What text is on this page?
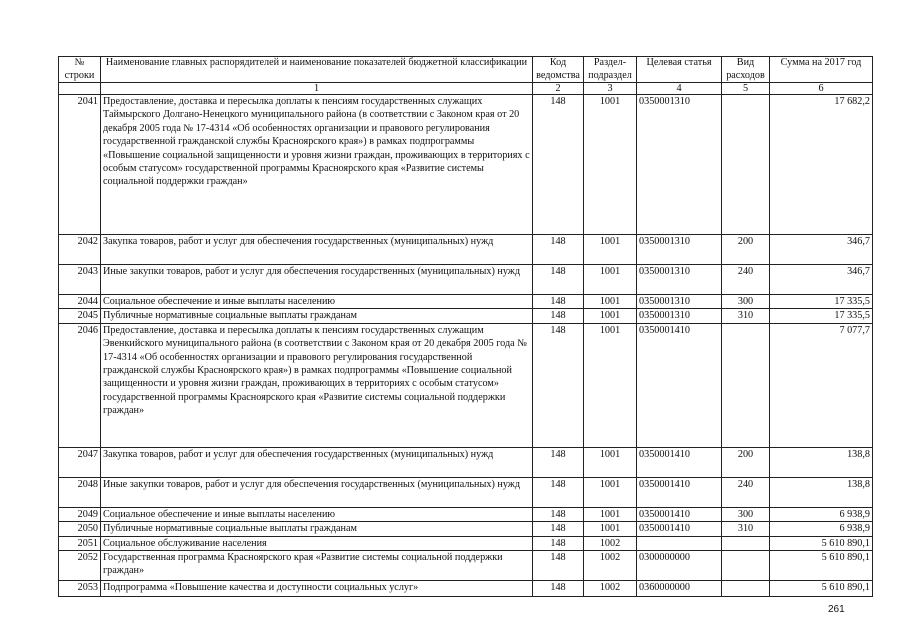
№ строки	Наименование главных распорядителей и наименование показателей бюджетной классификации	Код ведомства	Раздел-подраздел	Целевая статья	Вид расходов	Сумма на 2017 год
	1	2	3	4	5	6
2041	Предоставление, доставка и пересылка доплаты к пенсиям государственных служащих Таймырского Долгано-Ненецкого муниципального района (в соответствии с Законом края от 20 декабря 2005 года № 17-4314 «Об особенностях организации и правового регулирования государственной гражданской службы Красноярского края») в рамках подпрограммы «Повышение социальной защищенности и уровня жизни граждан, проживающих в территориях с особым статусом» государственной программы Красноярского края «Развитие системы социальной поддержки граждан»	148	1001	0350001310		17 682,2
2042	Закупка товаров, работ и услуг для обеспечения государственных (муниципальных) нужд	148	1001	0350001310	200	346,7
2043	Иные закупки товаров, работ и услуг для обеспечения государственных (муниципальных) нужд	148	1001	0350001310	240	346,7
2044	Социальное обеспечение и иные выплаты населению	148	1001	0350001310	300	17 335,5
2045	Публичные нормативные социальные выплаты гражданам	148	1001	0350001310	310	17 335,5
2046	Предоставление, доставка и пересылка доплаты к пенсиям государственных служащим Эвенкийского муниципального района (в соответствии с Законом края от 20 декабря 2005 года № 17-4314 «Об особенностях организации и правового регулирования государственной гражданской службы Красноярского края») в рамках подпрограммы «Повышение социальной защищенности и уровня жизни граждан, проживающих в территориях с особым статусом» государственной программы Красноярского края «Развитие системы социальной поддержки граждан»	148	1001	0350001410		7 077,7
2047	Закупка товаров, работ и услуг для обеспечения государственных (муниципальных) нужд	148	1001	0350001410	200	138,8
2048	Иные закупки товаров, работ и услуг для обеспечения государственных (муниципальных) нужд	148	1001	0350001410	240	138,8
2049	Социальное обеспечение и иные выплаты населению	148	1001	0350001410	300	6 938,9
2050	Публичные нормативные социальные выплаты гражданам	148	1001	0350001410	310	6 938,9
2051	Социальное обслуживание населения	148	1002			5 610 890,1
2052	Государственная программа Красноярского края «Развитие системы социальной поддержки граждан»	148	1002	0300000000		5 610 890,1
2053	Подпрограмма «Повышение качества и доступности социальных услуг»	148	1002	0360000000		5 610 890,1
261
